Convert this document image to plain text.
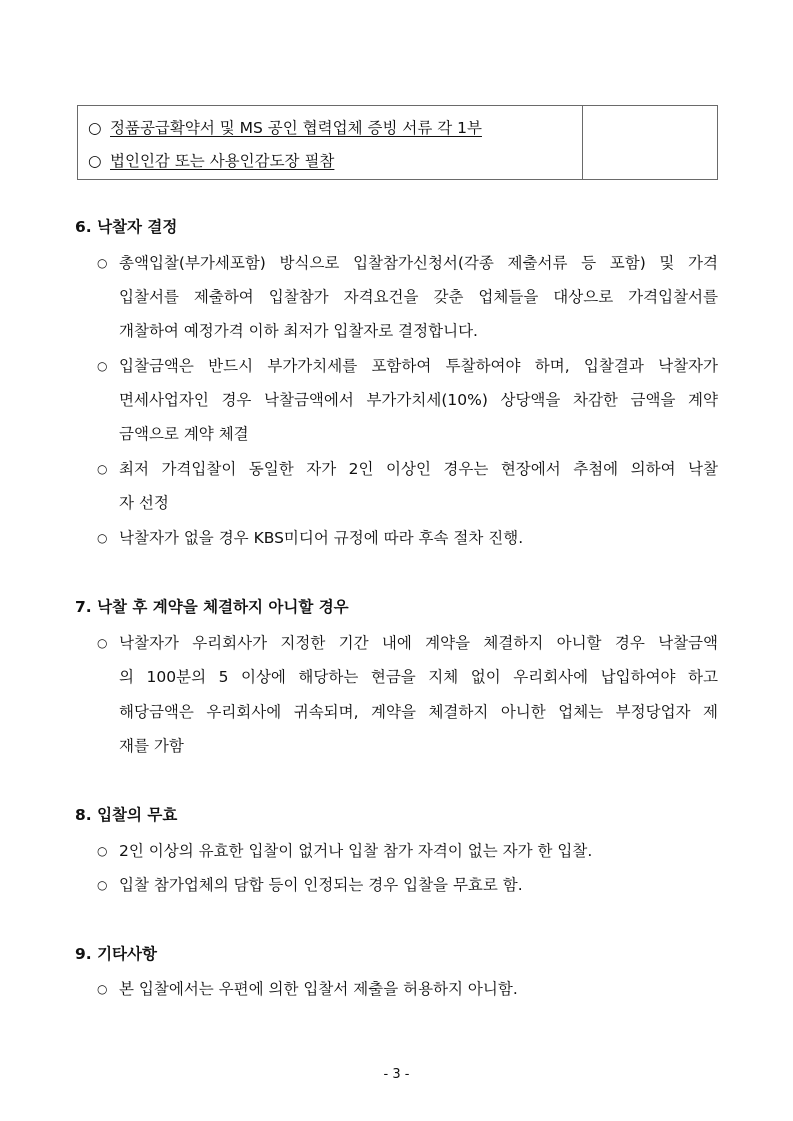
○ 정품공급확약서 및 MS 공인 협력업체 증빙 서류 각 1부
○ 법인인감 또는 사용인감도장 필참
6. 낙찰자 결정
○ 총액입찰(부가세포함) 방식으로 입찰참가신청서(각종 제출서류 등 포함) 및 가격
입찰서를 제출하여 입찰참가 자격요건을 갖춘 업체들을 대상으로 가격입찰서를
개찰하여 예정가격 이하 최저가 입찰자로 결정합니다.
○ 입찰금액은 반드시 부가가치세를 포함하여 투찰하여야 하며, 입찰결과 낙찰자가
면세사업자인 경우 낙찰금액에서 부가가치세(10%) 상당액을 차감한 금액을 계약
금액으로 계약 체결
○ 최저 가격입찰이 동일한 자가 2인 이상인 경우는 현장에서 추첨에 의하여 낙찰
자 선정
○ 낙찰자가 없을 경우 KBS미디어 규정에 따라 후속 절차 진행.
7. 낙찰 후 계약을 체결하지 아니할 경우
○ 낙찰자가 우리회사가 지정한 기간 내에 계약을 체결하지 아니할 경우 낙찰금액
의 100분의 5 이상에 해당하는 현금을 지체 없이 우리회사에 납입하여야 하고
해당금액은 우리회사에 귀속되며, 계약을 체결하지 아니한 업체는 부정당업자 제
재를 가함
8. 입찰의 무효
○ 2인 이상의 유효한 입찰이 없거나 입찰 참가 자격이 없는 자가 한 입찰.
○ 입찰 참가업체의 담합 등이 인정되는 경우 입찰을 무효로 함.
9. 기타사항
○ 본 입찰에서는 우편에 의한 입찰서 제출을 허용하지 아니함.
- 3 -
